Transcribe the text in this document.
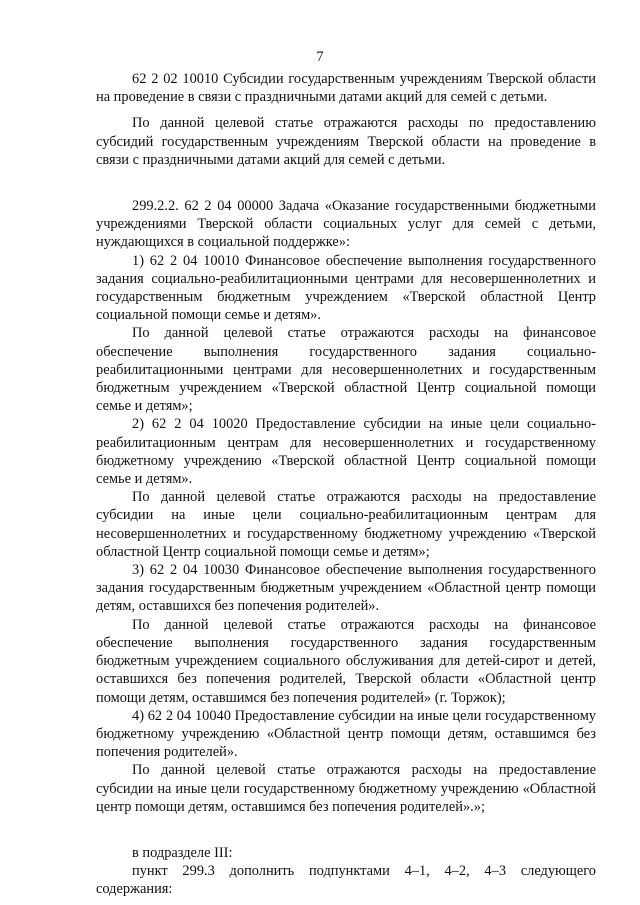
7

62 2 02 10010 Субсидии государственным учреждениям Тверской области на проведение в связи с праздничными датами акций для семей с детьми.

По данной целевой статье отражаются расходы по предоставлению субсидий государственным учреждениям Тверской области на проведение в связи с праздничными датами акций для семей с детьми.

299.2.2. 62 2 04 00000 Задача «Оказание государственными бюджетными учреждениями Тверской области социальных услуг для семей с детьми, нуждающихся в социальной поддержке»:

1) 62 2 04 10010 Финансовое обеспечение выполнения государственного задания социально-реабилитационными центрами для несовершеннолетних и государственным бюджетным учреждением «Тверской областной Центр социальной помощи семье и детям».

По данной целевой статье отражаются расходы на финансовое обеспечение выполнения государственного задания социально-реабилитационными центрами для несовершеннолетних и государственным бюджетным учреждением «Тверской областной Центр социальной помощи семье и детям»;

2) 62 2 04 10020 Предоставление субсидии на иные цели социально-реабилитационным центрам для несовершеннолетних и государственному бюджетному учреждению «Тверской областной Центр социальной помощи семье и детям».

По данной целевой статье отражаются расходы на предоставление субсидии на иные цели социально-реабилитационным центрам для несовершеннолетних и государственному бюджетному учреждению «Тверской областной Центр социальной помощи семье и детям»;

3) 62 2 04 10030 Финансовое обеспечение выполнения государственного задания государственным бюджетным учреждением «Областной центр помощи детям, оставшихся без попечения родителей».

По данной целевой статье отражаются расходы на финансовое обеспечение выполнения государственного задания государственным бюджетным учреждением социального обслуживания для детей-сирот и детей, оставшихся без попечения родителей, Тверской области «Областной центр помощи детям, оставшимся без попечения родителей» (г. Торжок);

4) 62 2 04 10040 Предоставление субсидии на иные цели государственному бюджетному учреждению «Областной центр помощи детям, оставшимся без попечения родителей».

По данной целевой статье отражаются расходы на предоставление субсидии на иные цели государственному бюджетному учреждению «Областной центр помощи детям, оставшимся без попечения родителей».»;

в подразделе III:

пункт 299.3 дополнить подпунктами 4–1, 4–2, 4–3 следующего содержания:
